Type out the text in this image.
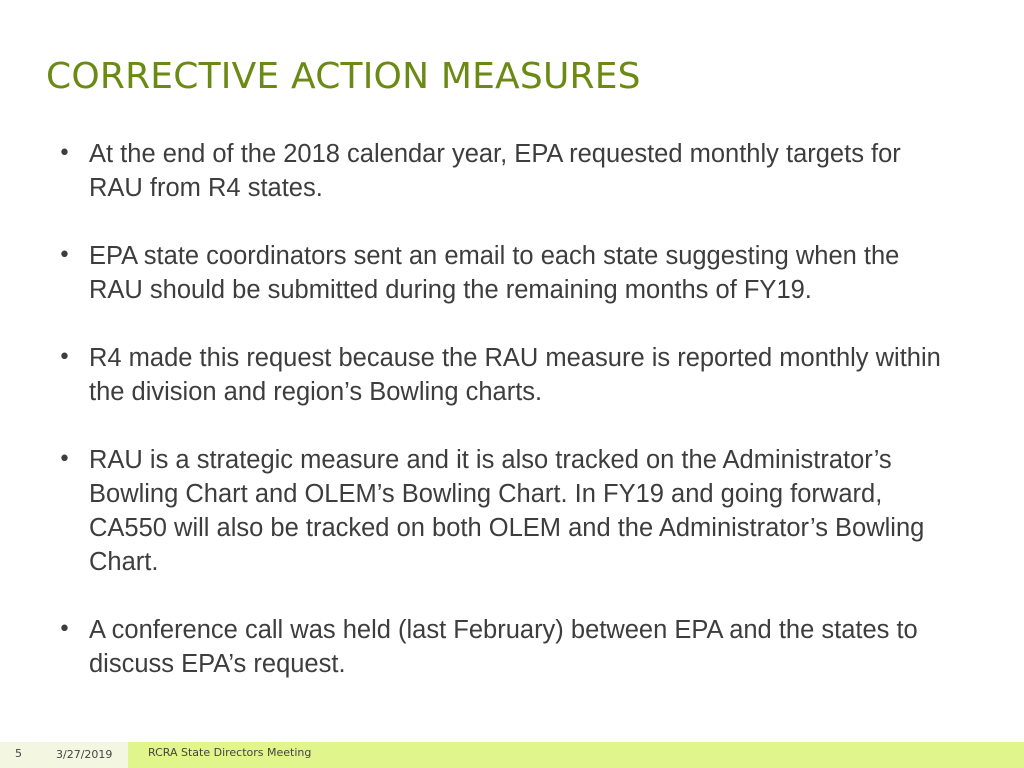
CORRECTIVE ACTION MEASURES
• At the end of the 2018 calendar year, EPA requested monthly targets for RAU from R4 states.
• EPA state coordinators sent an email to each state suggesting when the RAU should be submitted during the remaining months of FY19.
• R4 made this request because the RAU measure is reported monthly within the division and region’s Bowling charts.
• RAU is a strategic measure and it is also tracked on the Administrator’s Bowling Chart and OLEM’s Bowling Chart. In FY19 and going forward, CA550 will also be tracked on both OLEM and the Administrator’s Bowling Chart.
• A conference call was held (last February) between EPA and the states to discuss EPA’s request.
5	3/27/2019	RCRA State Directors Meeting
